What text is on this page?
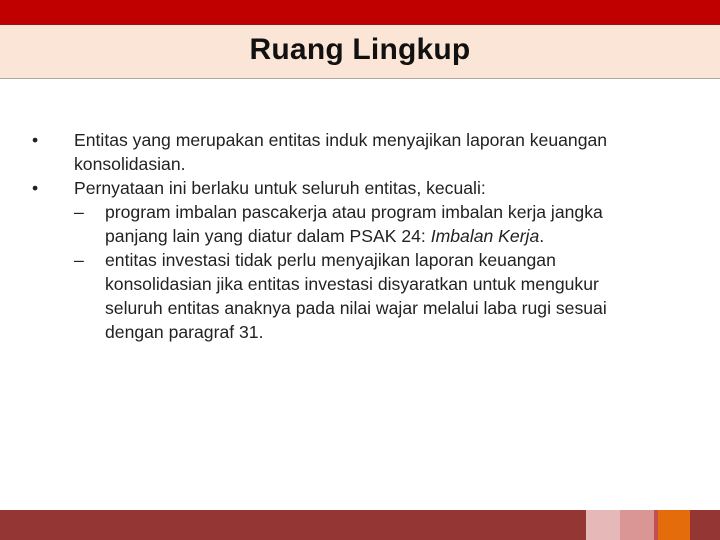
Ruang Lingkup
•	Entitas yang merupakan entitas induk menyajikan laporan keuangan konsolidasian.
•	Pernyataan ini berlaku untuk seluruh entitas, kecuali:
–	program imbalan pascakerja atau program imbalan kerja jangka panjang lain yang diatur dalam PSAK 24: Imbalan Kerja.
–	entitas investasi tidak perlu menyajikan laporan keuangan konsolidasian jika entitas investasi disyaratkan untuk mengukur seluruh entitas anaknya pada nilai wajar melalui laba rugi sesuai dengan paragraf 31.
